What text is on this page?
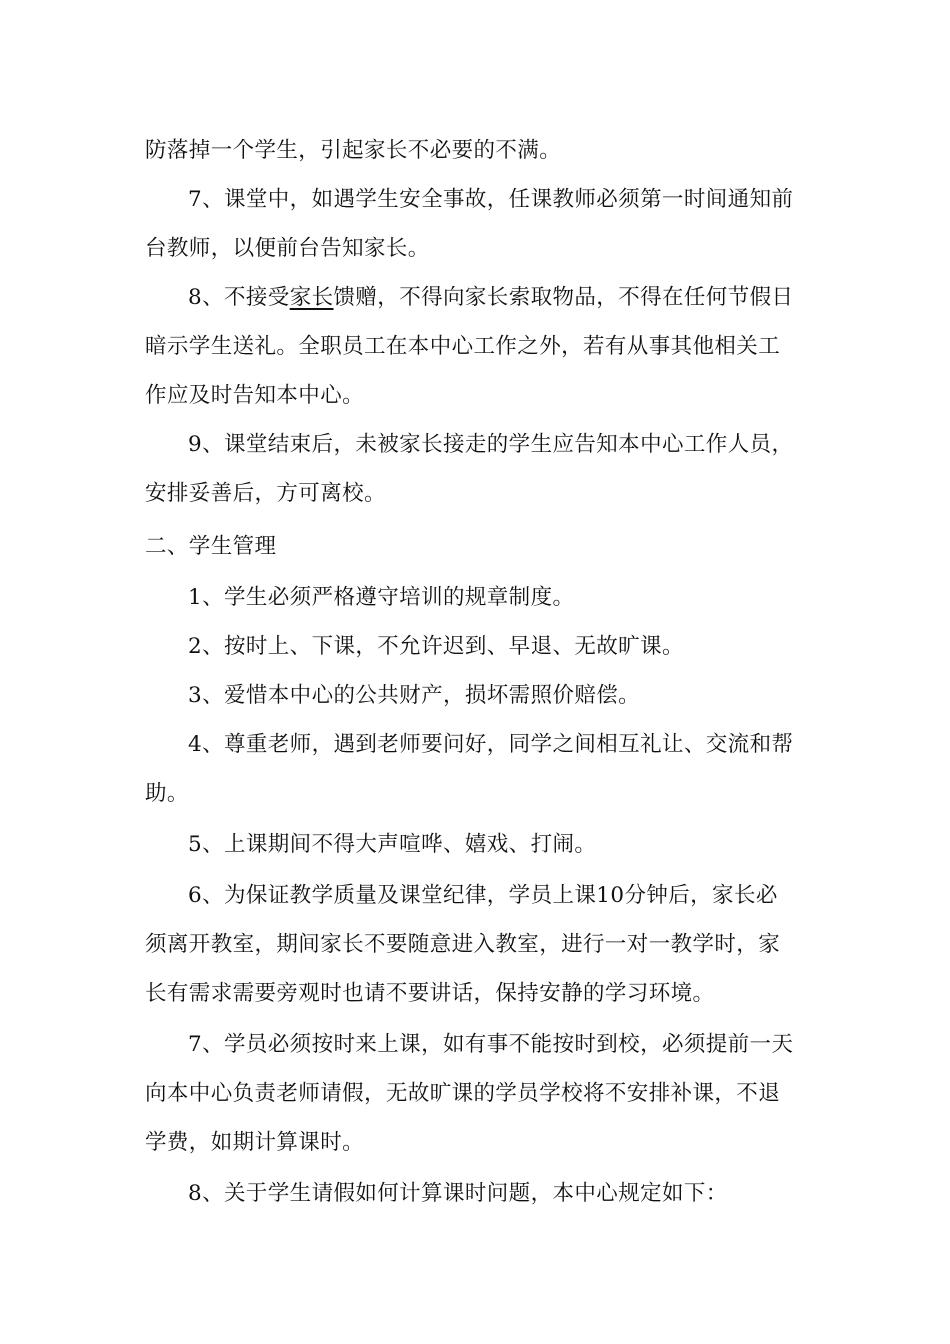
防落掉一个学生，引起家长不必要的不满。
7、课堂中，如遇学生安全事故，任课教师必须第一时间通知前
台教师，以便前台告知家长。
8、不接受家长馈赠，不得向家长索取物品，不得在任何节假日
暗示学生送礼。全职员工在本中心工作之外，若有从事其他相关工
作应及时告知本中心。
9、课堂结束后，未被家长接走的学生应告知本中心工作人员，
安排妥善后，方可离校。
二、学生管理
1、学生必须严格遵守培训的规章制度。
2、按时上、下课，不允许迟到、早退、无故旷课。
3、爱惜本中心的公共财产，损坏需照价赔偿。
4、尊重老师，遇到老师要问好，同学之间相互礼让、交流和帮
助。
5、上课期间不得大声喧哗、嬉戏、打闹。
6、为保证教学质量及课堂纪律，学员上课10分钟后，家长必
须离开教室，期间家长不要随意进入教室，进行一对一教学时，家
长有需求需要旁观时也请不要讲话，保持安静的学习环境。
7、学员必须按时来上课，如有事不能按时到校，必须提前一天
向本中心负责老师请假，无故旷课的学员学校将不安排补课，不退
学费，如期计算课时。
8、关于学生请假如何计算课时问题，本中心规定如下：
